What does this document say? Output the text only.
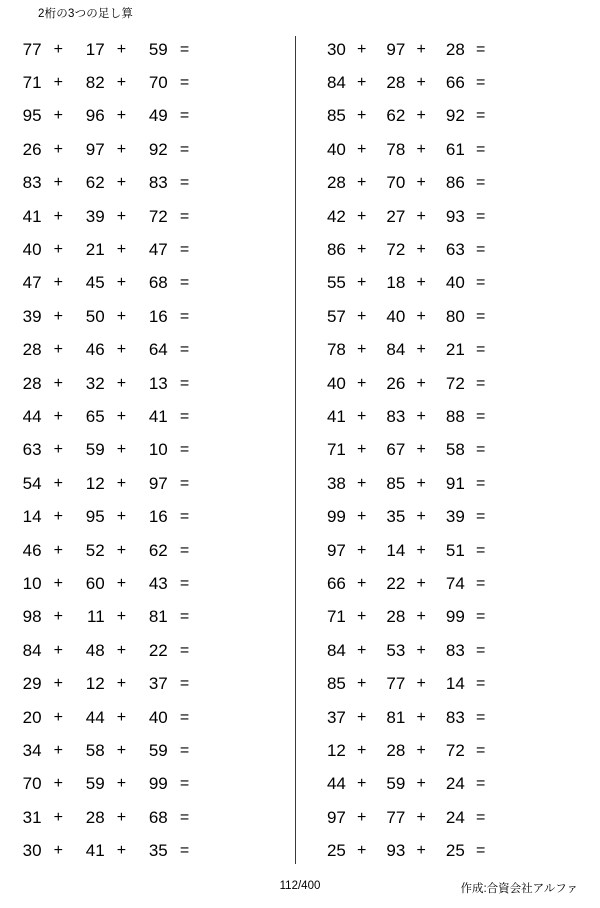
2桁の3つの足し算
77 +	17 +	59 =
71 +	82 +	70 =
95 +	96 +	49 =
26 +	97 +	92 =
83 +	62 +	83 =
41 +	39 +	72 =
40 +	21 +	47 =
47 +	45 +	68 =
39 +	50 +	16 =
28 +	46 +	64 =
28 +	32 +	13 =
44 +	65 +	41 =
63 +	59 +	10 =
54 +	12 +	97 =
14 +	95 +	16 =
46 +	52 +	62 =
10 +	60 +	43 =
98 +	11 +	81 =
84 +	48 +	22 =
29 +	12 +	37 =
20 +	44 +	40 =
34 +	58 +	59 =
70 +	59 +	99 =
31 +	28 +	68 =
30 +	41 +	35 =
30 +	97 +	28 =
84 +	28 +	66 =
85 +	62 +	92 =
40 +	78 +	61 =
28 +	70 +	86 =
42 +	27 +	93 =
86 +	72 +	63 =
55 +	18 +	40 =
57 +	40 +	80 =
78 +	84 +	21 =
40 +	26 +	72 =
41 +	83 +	88 =
71 +	67 +	58 =
38 +	85 +	91 =
99 +	35 +	39 =
97 +	14 +	51 =
66 +	22 +	74 =
71 +	28 +	99 =
84 +	53 +	83 =
85 +	77 +	14 =
37 +	81 +	83 =
12 +	28 +	72 =
44 +	59 +	24 =
97 +	77 +	24 =
25 +	93 +	25 =
112/400	作成:合資会社アルファ
